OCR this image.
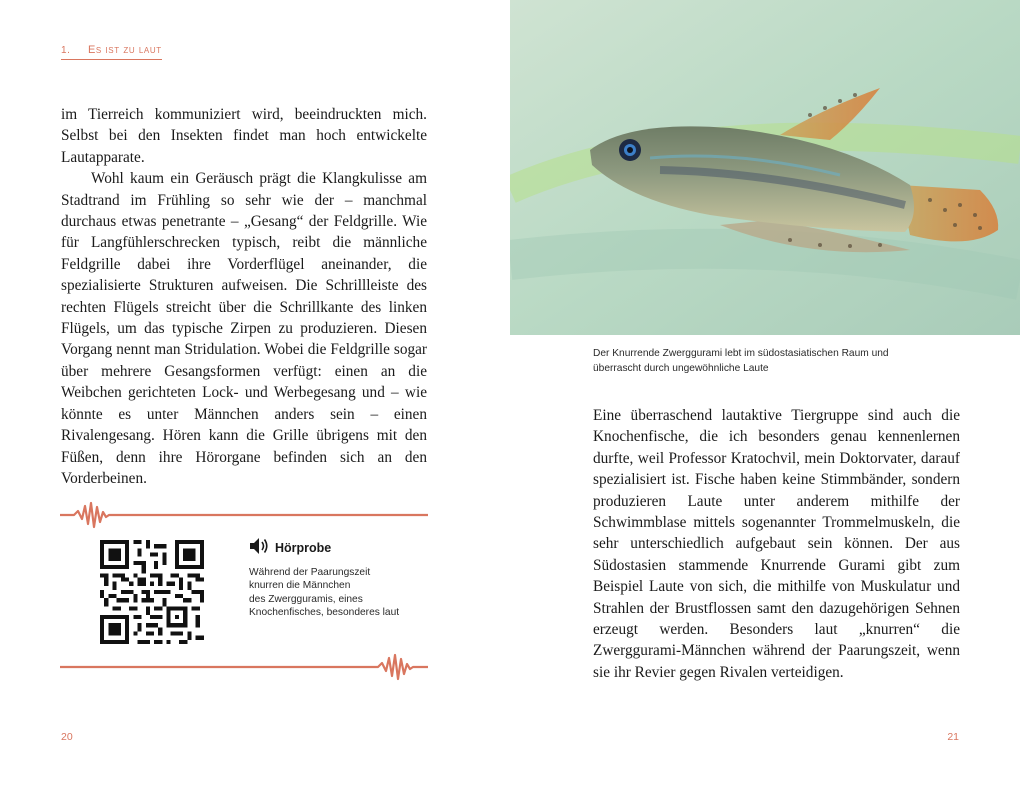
1. Es ist zu laut

im Tierreich kommuniziert wird, beeindruckten mich. Selbst bei den Insekten findet man hoch entwickelte Lautapparate.

Wohl kaum ein Geräusch prägt die Klangkulisse am Stadtrand im Frühling so sehr wie der – manchmal durchaus etwas penetrante – „Gesang“ der Feldgrille. Wie für Langfühlerschrecken typisch, reibt die männliche Feldgrille dabei ihre Vorderflügel aneinander, die spezialisierte Strukturen aufweisen. Die Schrillleiste des rechten Flügels streicht über die Schrillkante des linken Flügels, um das typische Zirpen zu produzieren. Diesen Vorgang nennt man Stridulation. Wobei die Feldgrille sogar über mehrere Gesangsformen verfügt: einen an die Weibchen gerichteten Lock- und Werbegesang und – wie könnte es unter Männchen anders sein – einen Rivalengesang. Hören kann die Grille übrigens mit den Füßen, denn ihre Hörorgane befinden sich an den Vorderbeinen.

Hörprobe
Während der Paarungszeit
knurren die Männchen
des Zwergguramis, eines
Knochenfisches, besonderes laut
20
Der Knurrende Zwerggurami lebt im südostasiatischen Raum und
überrascht durch ungewöhnliche Laute

Eine überraschend lautaktive Tiergruppe sind auch die Knochenfische, die ich besonders genau kennenlernen durfte, weil Professor Kratochvil, mein Doktorvater, darauf spezialisiert ist. Fische haben keine Stimmbänder, sondern produzieren Laute unter anderem mithilfe der Schwimmblase mittels sogenannter Trommelmuskeln, die sehr unterschiedlich aufgebaut sein können. Der aus Südostasien stammende Knurrende Gurami gibt zum Beispiel Laute von sich, die mithilfe von Muskulatur und Strahlen der Brustflossen samt den dazugehörigen Sehnen erzeugt werden. Besonders laut „knurren“ die Zwerggurami-Männchen während der Paarungszeit, wenn sie ihr Revier gegen Rivalen verteidigen.

21
